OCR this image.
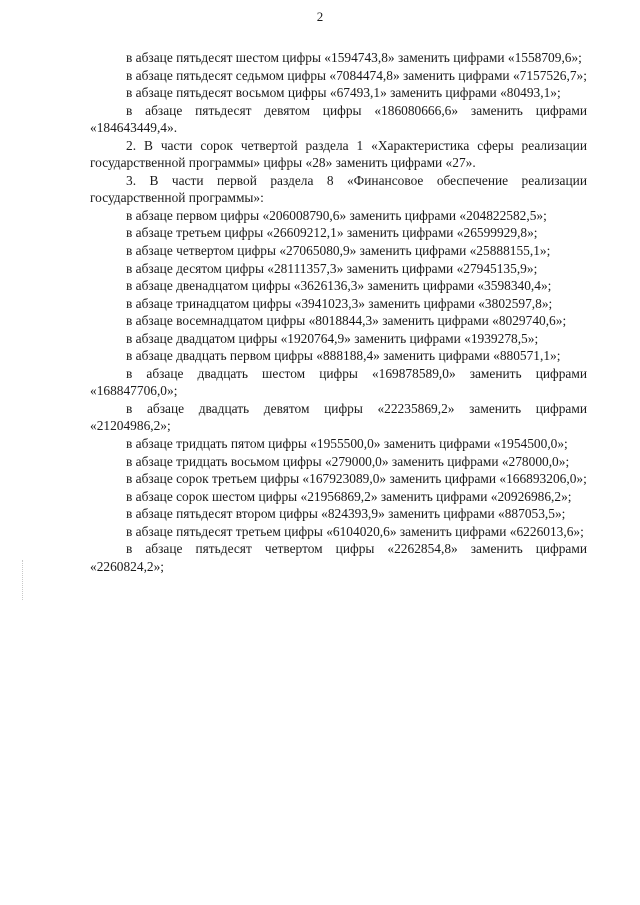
2

в абзаце пятьдесят шестом цифры «1594743,8» заменить цифрами «1558709,6»;

в абзаце пятьдесят седьмом цифры «7084474,8» заменить цифрами «7157526,7»;

в абзаце пятьдесят восьмом цифры «67493,1» заменить цифрами «80493,1»;

в абзаце пятьдесят девятом цифры «186080666,6» заменить цифрами «184643449,4».

2. В части сорок четвертой раздела 1 «Характеристика сферы реализации государственной программы» цифры «28» заменить цифрами «27».

3. В части первой раздела 8 «Финансовое обеспечение реализации государственной программы»:

в абзаце первом цифры «206008790,6» заменить цифрами «204822582,5»;

в абзаце третьем цифры «26609212,1» заменить цифрами «26599929,8»;

в абзаце четвертом цифры «27065080,9» заменить цифрами «25888155,1»;

в абзаце десятом цифры «28111357,3» заменить цифрами «27945135,9»;

в абзаце двенадцатом цифры «3626136,3» заменить цифрами «3598340,4»;

в абзаце тринадцатом цифры «3941023,3» заменить цифрами «3802597,8»;

в абзаце восемнадцатом цифры «8018844,3» заменить цифрами «8029740,6»;

в абзаце двадцатом цифры «1920764,9» заменить цифрами «1939278,5»;

в абзаце двадцать первом цифры «888188,4» заменить цифрами «880571,1»;

в абзаце двадцать шестом цифры «169878589,0» заменить цифрами «168847706,0»;

в абзаце двадцать девятом цифры «22235869,2» заменить цифрами «21204986,2»;

в абзаце тридцать пятом цифры «1955500,0» заменить цифрами «1954500,0»;

в абзаце тридцать восьмом цифры «279000,0» заменить цифрами «278000,0»;

в абзаце сорок третьем цифры «167923089,0» заменить цифрами «166893206,0»;

в абзаце сорок шестом цифры «21956869,2» заменить цифрами «20926986,2»;

в абзаце пятьдесят втором цифры «824393,9» заменить цифрами «887053,5»;

в абзаце пятьдесят третьем цифры «6104020,6» заменить цифрами «6226013,6»;

в абзаце пятьдесят четвертом цифры «2262854,8» заменить цифрами «2260824,2»;
